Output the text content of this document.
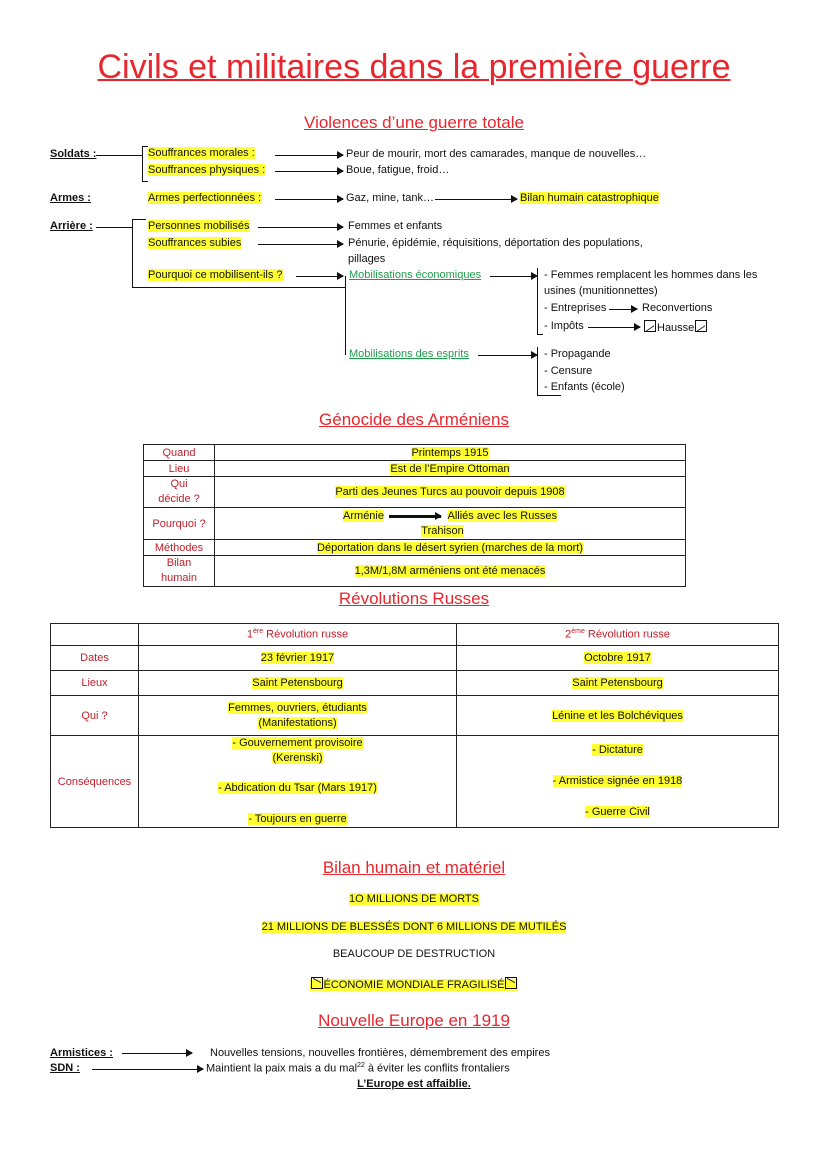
Civils et militaires dans la première guerre
Violences d’une guerre totale
Soldats :	Souffrances morales :	Peur de mourir, mort des camarades, manque de nouvelles…
Souffrances physiques :	Boue, fatigue, froid…
Armes :	Armes perfectionnées :	Gaz, mine, tank…	Bilan humain catastrophique
Arrière :	Personnes mobilisés	Femmes et enfants
Souffrances subies	Pénurie, épidémie, réquisitions, déportation des populations,
pillages
Pourquoi ce mobilisent-ils ?	Mobilisations économiques	- Femmes remplacent les hommes dans les
usines (munitionnettes)
- Entreprises	Reconvertions
- Impôts	Hausse
Mobilisations des esprits	- Propagande
- Censure
- Enfants (école)
Génocide des Arméniens
Quand	Printemps 1915
Lieu	Est de l’Empire Ottoman

Qui
décide ?	Parti des Jeunes Turcs au pouvoir depuis 1908
Pourquoi ?	Arménie Alliés avec les Russes
Trahison

Méthodes	Déportation dans le désert syrien (marches de la mort)

Bilan
humain	1,3M/1,8M arméniens ont été menacés
Révolutions Russes
	1ère Révolution russe	2ème Révolution russe
Dates	23 février 1917	Octobre 1917
Lieux	Saint Petensbourg	Saint Petensbourg
Qui ?	Femmes, ouvriers, étudiants
(Manifestations)	Lénine et les Bolchéviques
Conséquences	- Gouvernement provisoire
(Kerenski)
- Abdication du Tsar (Mars 1917)
- Toujours en guerre	- Dictature
- Armistice signée en 1918
- Guerre Civil
Bilan humain et matériel
1O MILLIONS DE MORTS
21 MILLIONS DE BLESSÉS DONT 6 MILLIONS DE MUTILÉS
BEAUCOUP DE DESTRUCTION
ÉCONOMIE MONDIALE FRAGILISÉ
Nouvelle Europe en 1919
Armistices :	Nouvelles tensions, nouvelles frontières, démembrement des empires
SDN :	Maintient la paix mais a du mal$^{22}$ à éviter les conflits frontaliers
L’Europe est affaiblie.
